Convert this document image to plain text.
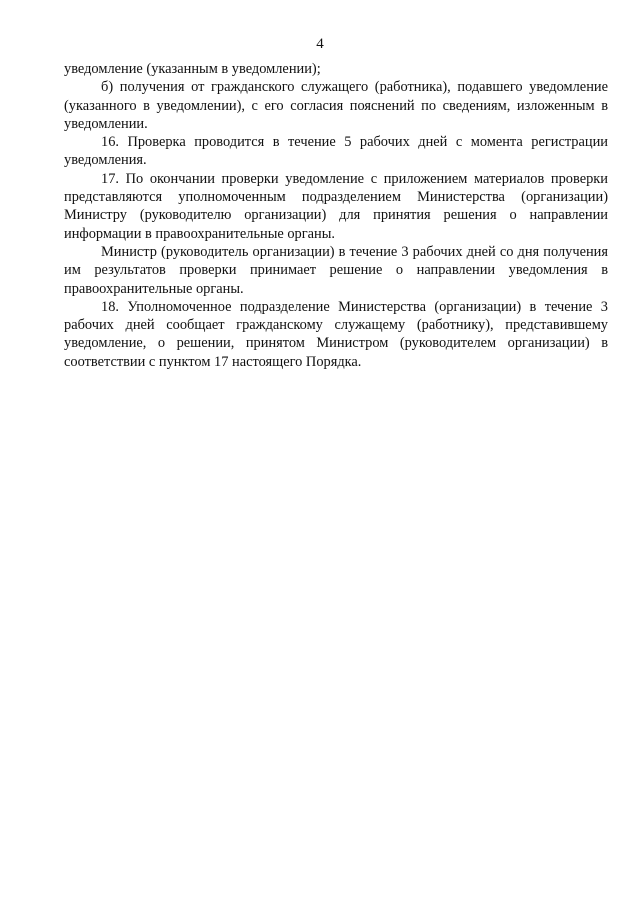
4

уведомление (указанным в уведомлении);

б) получения от гражданского служащего (работника), подавшего уведомление (указанного в уведомлении), с его согласия пояснений по сведениям, изложенным в уведомлении.

16. Проверка проводится в течение 5 рабочих дней с момента регистрации уведомления.

17. По окончании проверки уведомление с приложением материалов проверки представляются уполномоченным подразделением Министерства (организации) Министру (руководителю организации) для принятия решения о направлении информации в правоохранительные органы.

Министр (руководитель организации) в течение 3 рабочих дней со дня получения им результатов проверки принимает решение о направлении уведомления в правоохранительные органы.

18. Уполномоченное подразделение Министерства (организации) в течение 3 рабочих дней сообщает гражданскому служащему (работнику), представившему уведомление, о решении, принятом Министром (руководителем организации) в соответствии с пунктом 17 настоящего Порядка.
